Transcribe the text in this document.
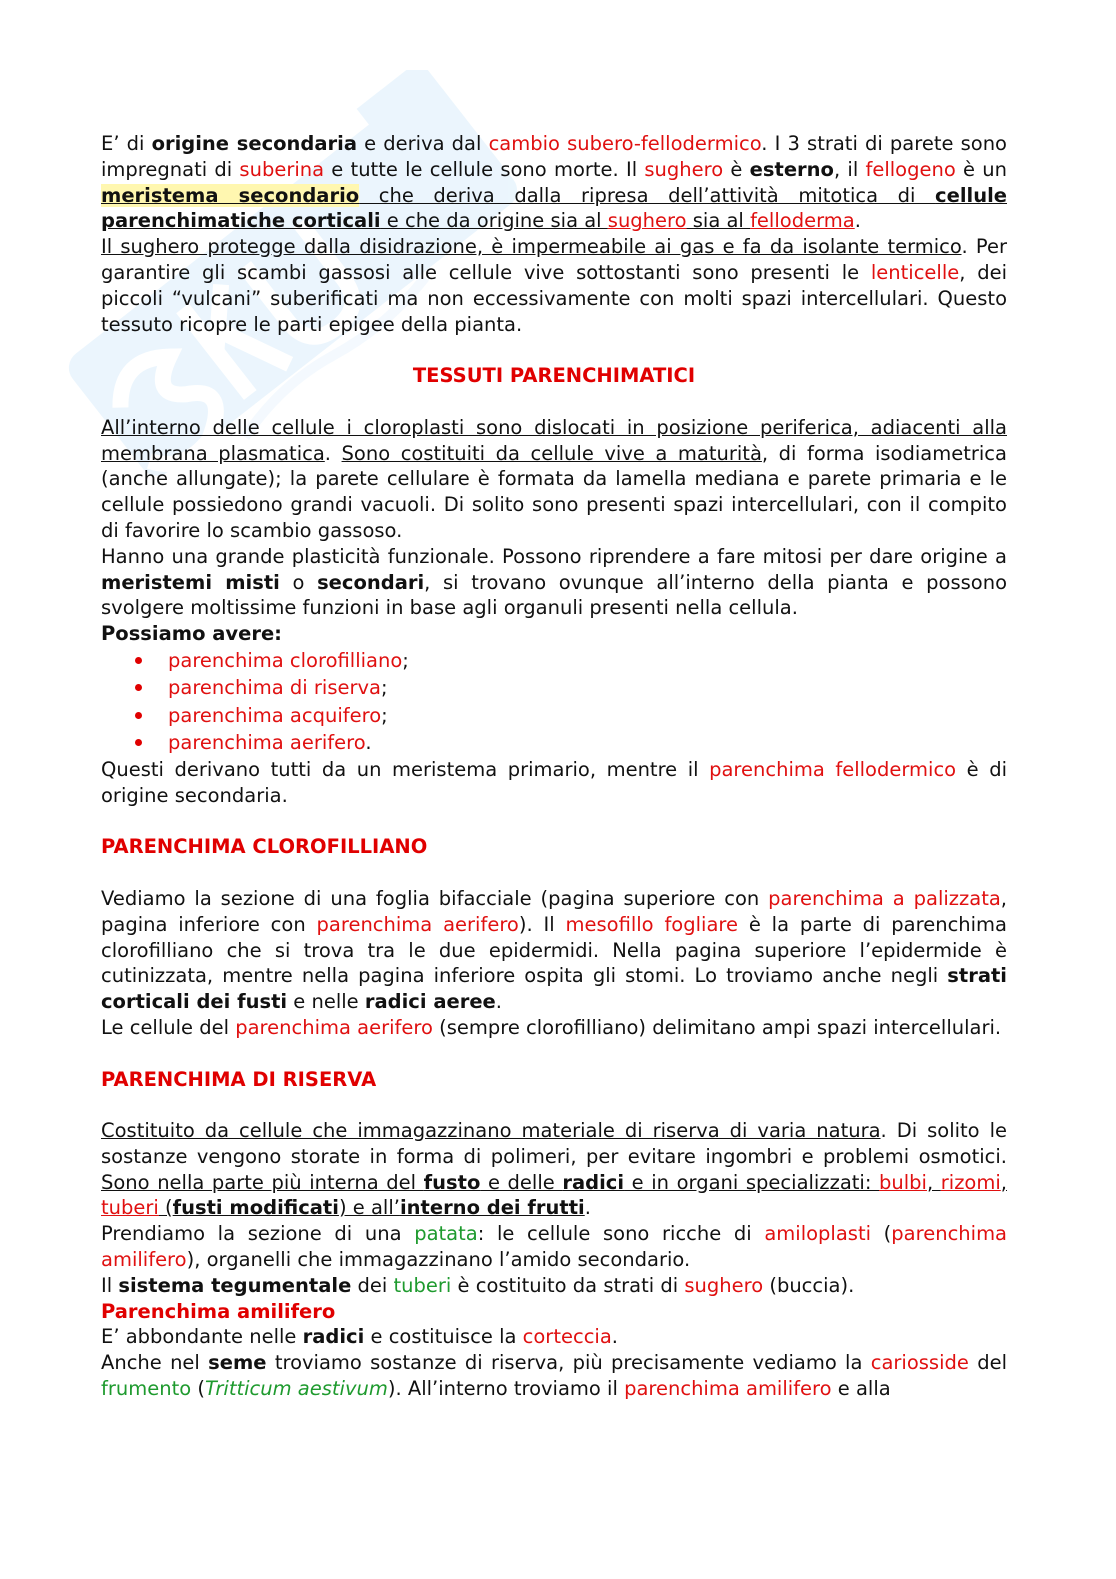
E’ di origine secondaria e deriva dal cambio subero-fellodermico. I 3 strati di parete sono impregnati di suberina e tutte le cellule sono morte. Il sughero è esterno, il fellogeno è un meristema secondario che deriva dalla ripresa dell’attività mitotica di cellule parenchimatiche corticali e che da origine sia al sughero sia al felloderma.

Il sughero protegge dalla disidrazione, è impermeabile ai gas e fa da isolante termico. Per garantire gli scambi gassosi alle cellule vive sottostanti sono presenti le lenticelle, dei piccoli “vulcani” suberificati ma non eccessivamente con molti spazi intercellulari. Questo tessuto ricopre le parti epigee della pianta.

TESSUTI PARENCHIMATICI

All’interno delle cellule i cloroplasti sono dislocati in posizione periferica, adiacenti alla membrana plasmatica. Sono costituiti da cellule vive a maturità, di forma isodiametrica (anche allungate); la parete cellulare è formata da lamella mediana e parete primaria e le cellule possiedono grandi vacuoli. Di solito sono presenti spazi intercellulari, con il compito di favorire lo scambio gassoso.

Hanno una grande plasticità funzionale. Possono riprendere a fare mitosi per dare origine a meristemi misti o secondari, si trovano ovunque all’interno della pianta e possono svolgere moltissime funzioni in base agli organuli presenti nella cellula.

Possiamo avere:

parenchima clorofilliano;
parenchima di riserva;
parenchima acquifero;
parenchima aerifero.

Questi derivano tutti da un meristema primario, mentre il parenchima fellodermico è di origine secondaria.

PARENCHIMA CLOROFILLIANO

Vediamo la sezione di una foglia bifacciale (pagina superiore con parenchima a palizzata, pagina inferiore con parenchima aerifero). Il mesofillo fogliare è la parte di parenchima clorofilliano che si trova tra le due epidermidi. Nella pagina superiore l’epidermide è cutinizzata, mentre nella pagina inferiore ospita gli stomi. Lo troviamo anche negli strati corticali dei fusti e nelle radici aeree.

Le cellule del parenchima aerifero (sempre clorofilliano) delimitano ampi spazi intercellulari.

PARENCHIMA DI RISERVA

Costituito da cellule che immagazzinano materiale di riserva di varia natura. Di solito le sostanze vengono storate in forma di polimeri, per evitare ingombri e problemi osmotici. Sono nella parte più interna del fusto e delle radici e in organi specializzati: bulbi, rizomi, tuberi (fusti modificati) e all’interno dei frutti.

Prendiamo la sezione di una patata: le cellule sono ricche di amiloplasti (parenchima amilifero), organelli che immagazzinano l’amido secondario.

Il sistema tegumentale dei tuberi è costituito da strati di sughero (buccia).

Parenchima amilifero

E’ abbondante nelle radici e costituisce la corteccia.

Anche nel seme troviamo sostanze di riserva, più precisamente vediamo la cariosside del frumento (Tritticum aestivum). All’interno troviamo il parenchima amilifero e alla
